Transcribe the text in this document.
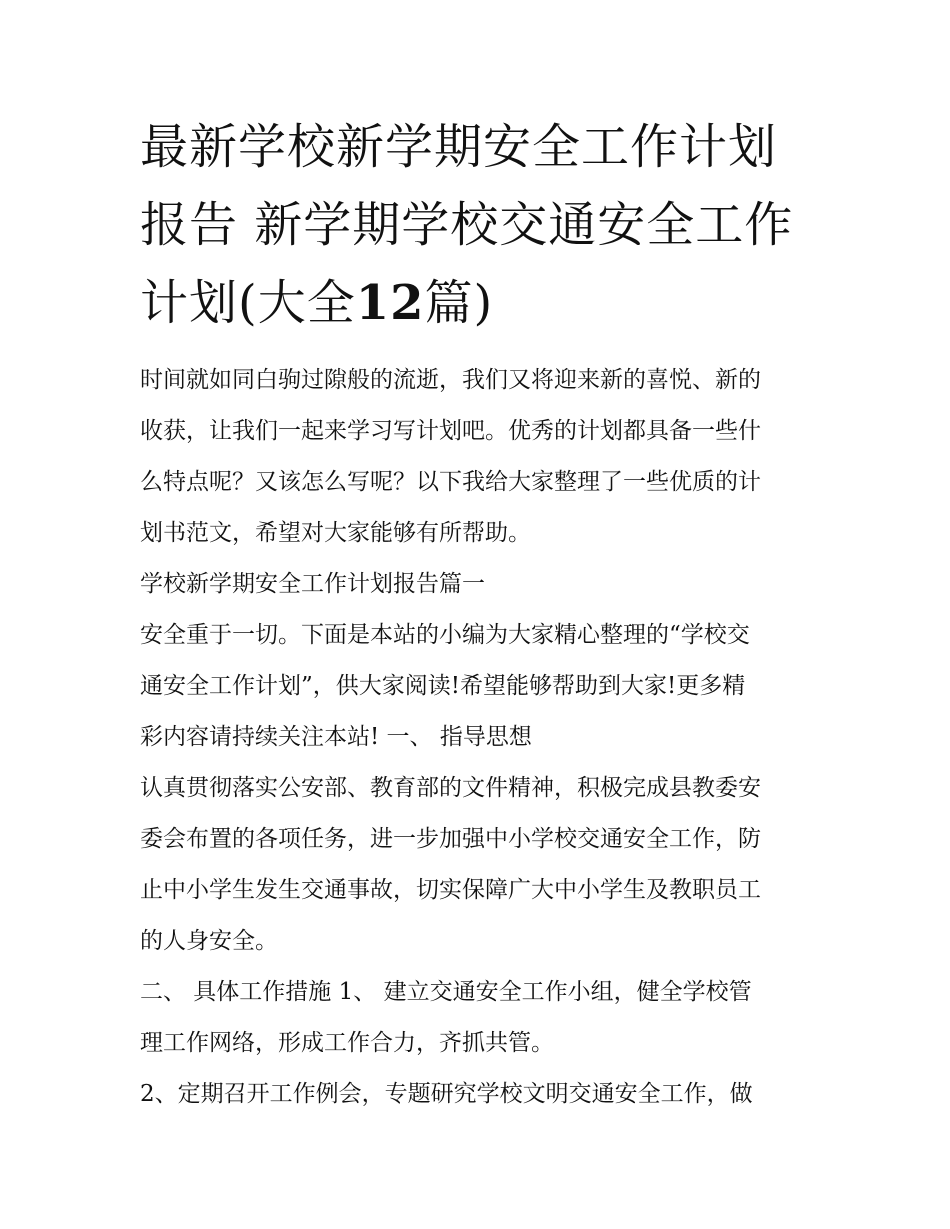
最新学校新学期安全工作计划
报告 新学期学校交通安全工作
计划(大全12篇)
时间就如同白驹过隙般的流逝，我们又将迎来新的喜悦、新的
收获，让我们一起来学习写计划吧。优秀的计划都具备一些什
么特点呢？又该怎么写呢？以下我给大家整理了一些优质的计
划书范文，希望对大家能够有所帮助。
学校新学期安全工作计划报告篇一
安全重于一切。下面是本站的小编为大家精心整理的“学校交
通安全工作计划”，供大家阅读!希望能够帮助到大家!更多精
彩内容请持续关注本站! 一、 指导思想
认真贯彻落实公安部、教育部的文件精神，积极完成县教委安
委会布置的各项任务，进一步加强中小学校交通安全工作，防
止中小学生发生交通事故，切实保障广大中小学生及教职员工
的人身安全。
二、 具体工作措施 1、 建立交通安全工作小组，健全学校管
理工作网络，形成工作合力，齐抓共管。
2、定期召开工作例会，专题研究学校文明交通安全工作，做
